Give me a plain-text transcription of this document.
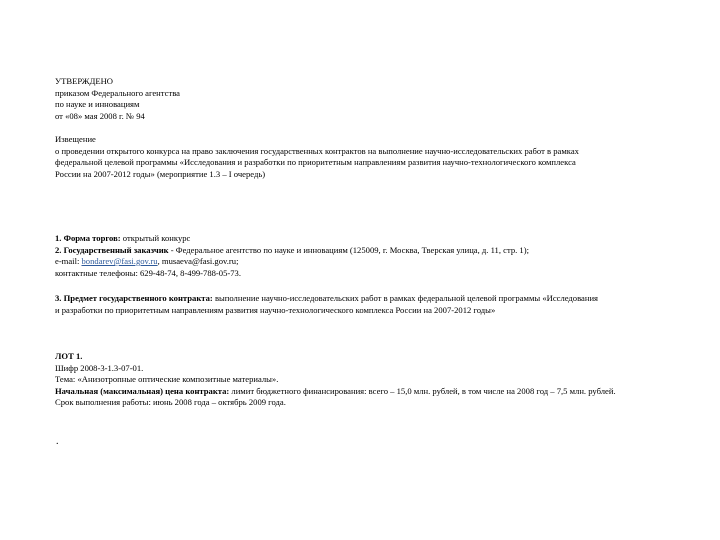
УТВЕРЖДЕНО
приказом Федерального агентства
по науке и инновациям
от «08» мая 2008 г. № 94
Извещение
о проведении открытого конкурса на право заключения государственных контрактов на выполнение научно-исследовательских работ в рамках
федеральной целевой программы «Исследования и разработки по приоритетным направлениям развития научно-технологического комплекса
России на 2007-2012 годы» (мероприятие 1.3 – I очередь)
1. Форма торгов: открытый конкурс
2. Государственный заказчик - Федеральное агентство по науке и инновациям (125009, г. Москва, Тверская улица, д. 11, стр. 1);
e-mail: bondarev@fasi.gov.ru, musaeva@fasi.gov.ru;
контактные телефоны: 629-48-74, 8-499-788-05-73.
3. Предмет государственного контракта: выполнение научно-исследовательских работ в рамках федеральной целевой программы «Исследования
и разработки по приоритетным направлениям развития научно-технологического комплекса России на 2007-2012 годы»
ЛОТ 1.
Шифр 2008-3-1.3-07-01.
Тема: «Анизотропные оптические композитные материалы».
Начальная (максимальная) цена контракта: лимит бюджетного финансирования: всего – 15,0 млн. рублей, в том числе на 2008 год – 7,5 млн. рублей.
Срок выполнения работы: июнь 2008 года – октябрь 2009 года.
.
